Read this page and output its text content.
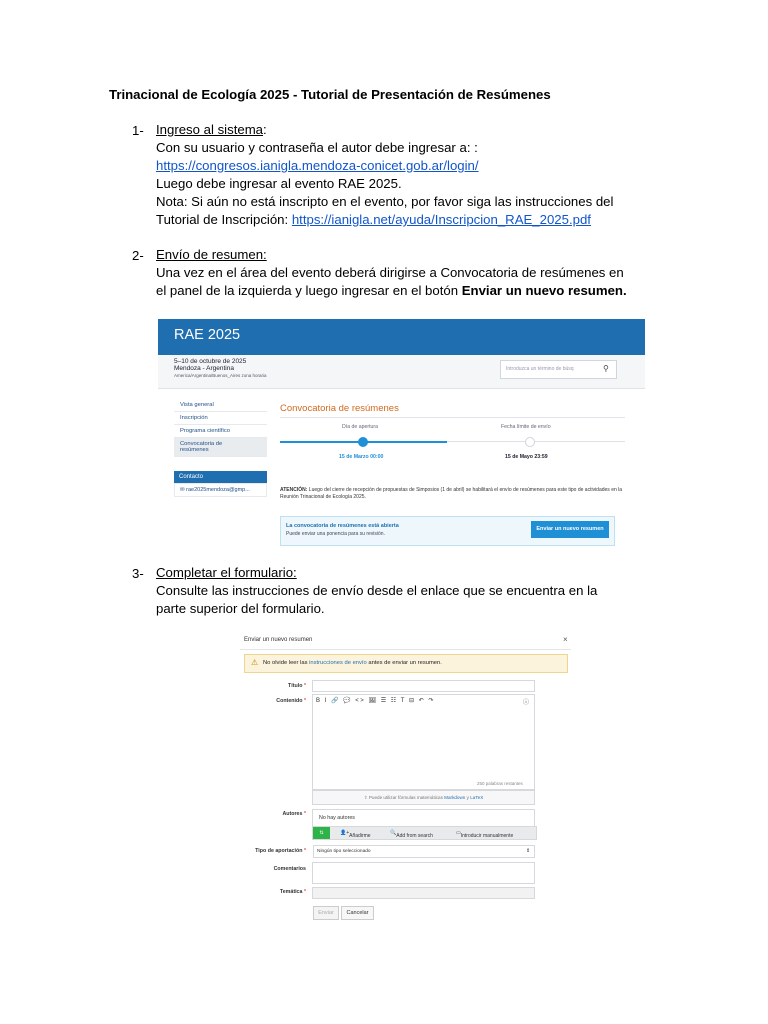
Trinacional de Ecología 2025 - Tutorial de Presentación de Resúmenes
1- Ingreso al sistema:
Con su usuario y contraseña el autor debe ingresar a: :
https://congresos.ianigla.mendoza-conicet.gob.ar/login/
Luego debe ingresar al evento RAE 2025.
Nota: Si aún no está inscripto en el evento, por favor siga las instrucciones del
Tutorial de Inscripción: https://ianigla.net/ayuda/Inscripcion_RAE_2025.pdf
2- Envío de resumen:
Una vez en el área del evento deberá dirigirse a Convocatoria de resúmenes en
el panel de la izquierda y luego ingresar en el botón Enviar un nuevo resumen.
RAE 2025
5–10 de octubre de 2025
Mendoza - Argentina
America/Argentina/Buenos_Aires zona horaria
Introduzca un término de búsq	⚲
Vista general
Inscripción
Programa científico
Convocatoria de
resúmenes
Contacto
✉ rae2025mendoza@gmp...
Convocatoria de resúmenes
Día de apertura	Fecha límite de envío
15 de Marzo 00:00	15 de Mayo 23:59
ATENCIÓN: Luego del cierre de recepción de propuestas de Simposios (1 de abril) se habilitará el envío de resúmenes para este tipo de actividades en la Reunión Trinacional de Ecología 2025.
La convocatoria de resúmenes está abierta
Puede enviar una ponencia para su revisión.
Enviar un nuevo resumen
3- Completar el formulario:
Consulte las instrucciones de envío desde el enlace que se encuentra en la
parte superior del formulario.
Enviar un nuevo resumen	×
⚠ No olvide leer las instrucciones de envío antes de enviar un resumen.
Título *
Contenido * B I 🔗 💬 <> 🖼 ☰ ☷ T ⊟ ↶ ↷	ⓘ
250 palabras restantes
⇧ Puede utilizar fórmulas matemáticas Markdown y LaTeX
Autores *
No hay autores
⇅	👤+ Añadirme	🔍 Add from search	▭ Introducir manualmente
Tipo de aportación * Ningún tipo seleccionado	⇕
Comentarios
Temática *
Enviar	Cancelar
